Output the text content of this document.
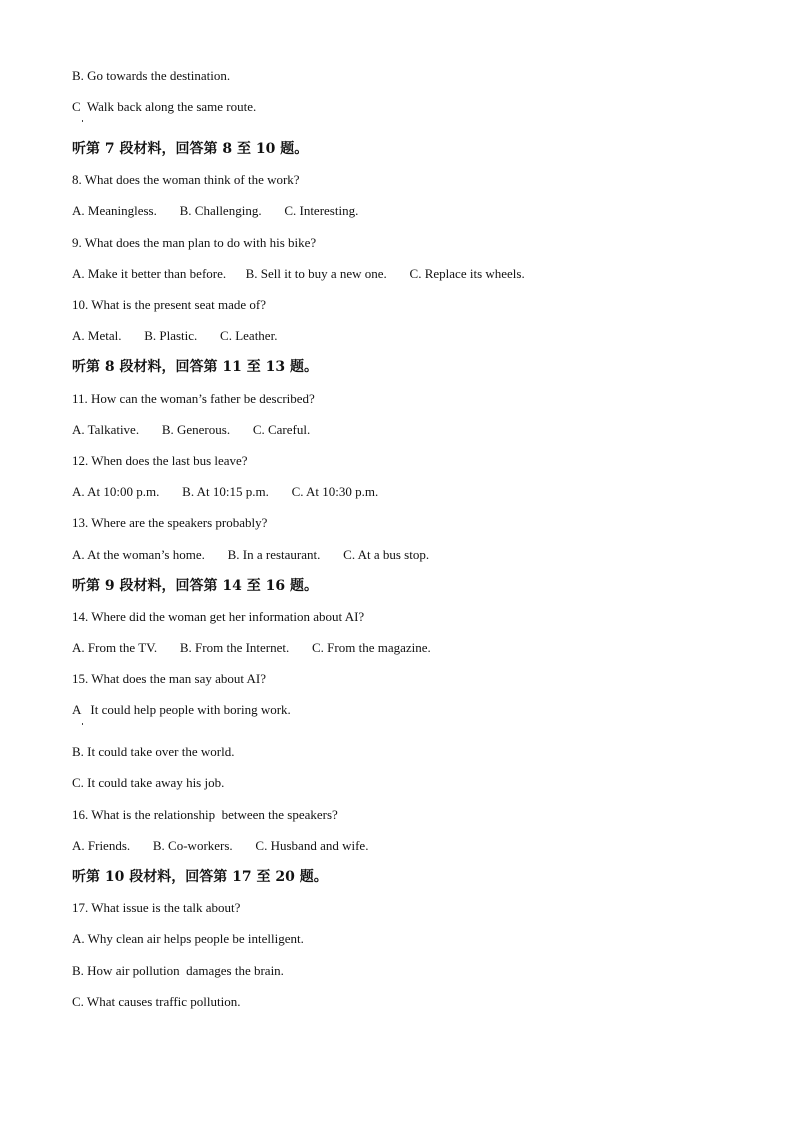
B. Go towards the destination.
C  Walk back along the same route.
听第 7 段材料，回答第 8 至 10 题。
8. What does the woman think of the work?
A. Meaningless.       B. Challenging.       C. Interesting.
9. What does the man plan to do with his bike?
A. Make it better than before.      B. Sell it to buy a new one.       C. Replace its wheels.
10. What is the present seat made of?
A. Metal.       B. Plastic.       C. Leather.
听第 8 段材料，回答第 11 至 13 题。
11. How can the woman’s father be described?
A. Talkative.       B. Generous.       C. Careful.
12. When does the last bus leave?
A. At 10:00 p.m.       B. At 10:15 p.m.       C. At 10:30 p.m.
13. Where are the speakers probably?
A. At the woman’s home.       B. In a restaurant.       C. At a bus stop.
听第 9 段材料，回答第 14 至 16 题。
14. Where did the woman get her information about AI?
A. From the TV.       B. From the Internet.       C. From the magazine.
15. What does the man say about AI?
A   It could help people with boring work.
B. It could take over the world.
C. It could take away his job.
16. What is the relationship  between the speakers?
A. Friends.       B. Co-workers.       C. Husband and wife.
听第 10 段材料，回答第 17 至 20 题。
17. What issue is the talk about?
A. Why clean air helps people be intelligent.
B. How air pollution  damages the brain.
C. What causes traffic pollution.
